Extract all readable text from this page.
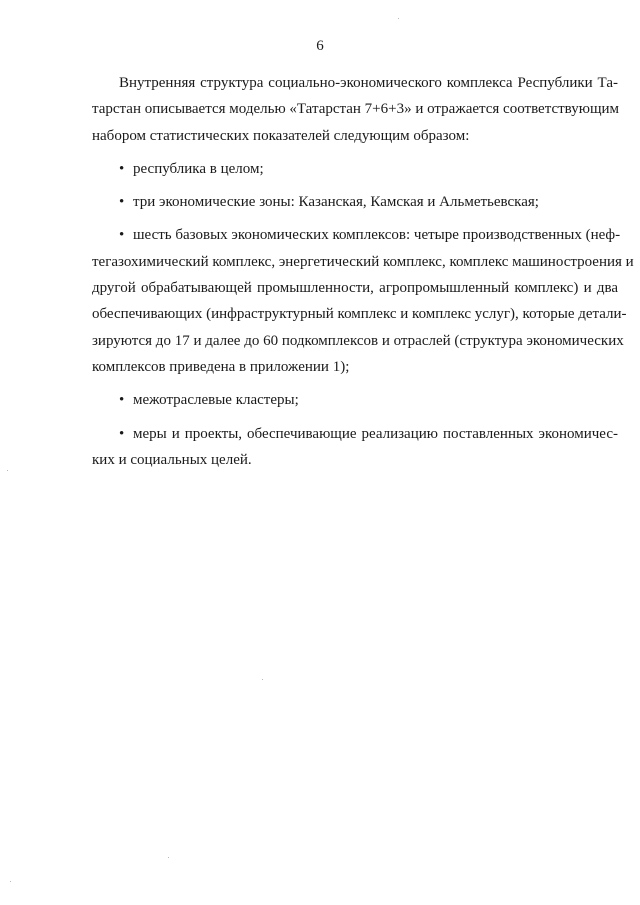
6
Внутренняя структура социально-экономического комплекса Республики Та-
тарстан описывается моделью «Татарстан 7+6+3» и отражается соответствующим
набором статистических показателей следующим образом:
• республика в целом;
• три экономические зоны: Казанская, Камская и Альметьевская;
• шесть базовых экономических комплексов: четыре производственных (неф-
тегазохимический комплекс, энергетический комплекс, комплекс машиностроения и
другой обрабатывающей промышленности, агропромышленный комплекс) и два
обеспечивающих (инфраструктурный комплекс и комплекс услуг), которые детали-
зируются до 17 и далее до 60 подкомплексов и отраслей (структура экономических
комплексов приведена в приложении 1);
• межотраслевые кластеры;
• меры и проекты, обеспечивающие реализацию поставленных экономичес-
ких и социальных целей.
